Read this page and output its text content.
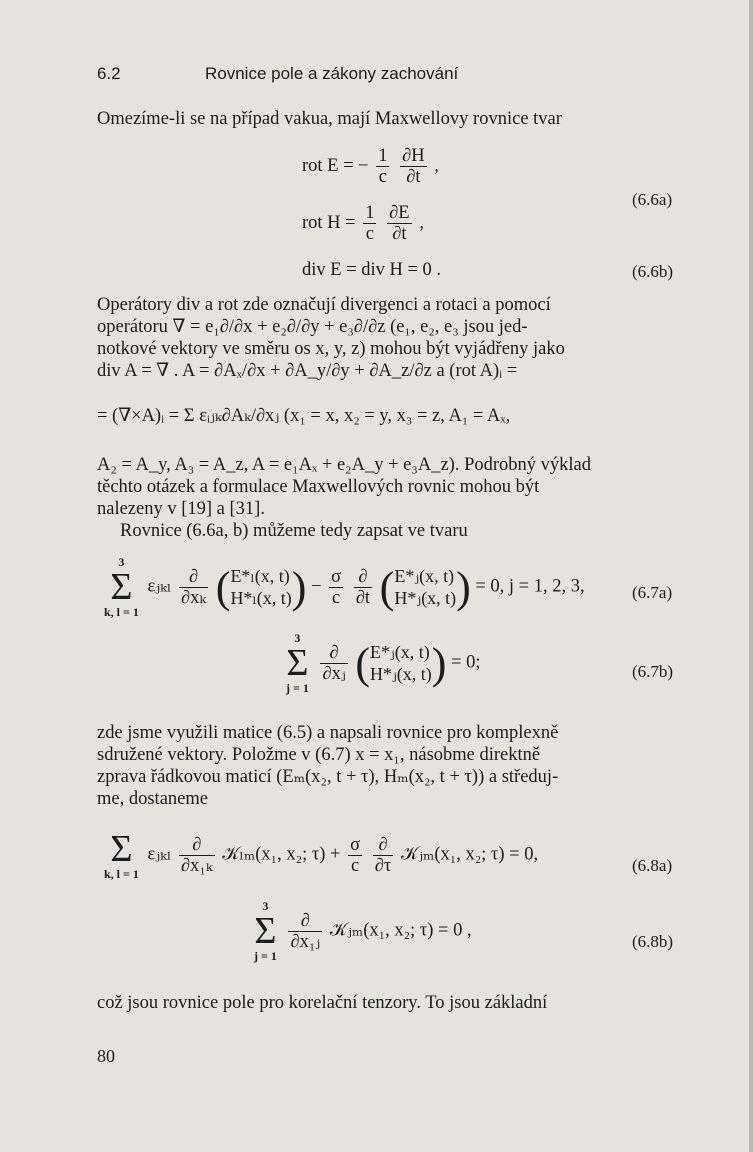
6.2	Rovnice pole a zákony zachování
Omezíme-li se na případ vakua, mají Maxwellovy rovnice tvar
rot E = − $\frac{1}{c}$
$\frac{\partial H}{\partial t}$ ,
(6.6a)
rot $H = \frac{1}{c}$
$\frac{\partial E}{\partial t}$ ,
div E = div H = 0 .	(6.6b)
Operátory div a rot zde označují divergenci a rotaci a pomocí
operátoru ∇ = e₁∂/∂x + e₂∂/∂y + e₃∂/∂z (e₁, e₂, e₃ jsou jed-
notkové vektory ve směru os x, y, z) mohou být vyjádřeny jako
div A = ∇ . A = ∂Aₓ/∂x + ∂A_y/∂y + ∂A_z/∂z a (rot A)ᵢ =
= (∇×A)ᵢ = Σ εᵢⱼₖ∂Aₖ/∂xⱼ (x₁ = x, x₂ = y, x₃ = z, A₁ = Aₓ,
A₂ = A_y, A₃ = A_z, A = e₁Aₓ + e₂A_y + e₃A_z). Podrobný výklad
těchto otázek a formulace Maxwellových rovnic mohou být
nalezeny v [19] a [31].
Rovnice (6.6a, b) můžeme tedy zapsat ve tvaru
3
Σ
k, l = 1
εⱼₖₗ $\frac{\partial}{\text{∂xₖ}}$ ( E*ₗ(x, t)
H*ₗ(x, t) ) − $\frac{\sigma}{c}$
$\frac{\partial}{\partial t}$ ( E*ⱼ(x, t)
H*ⱼ(x, t) ) = 0, j = 1, 2, 3,	(6.7a)
3
Σ
j = 1

$\frac{\partial}{\text{∂xⱼ}}$ ( E*ⱼ(x, t)
H*ⱼ(x, t) ) = 0;	(6.7b)
zde jsme využili matice (6.5) a napsali rovnice pro komplexně
sdružené vektory. Položme v (6.7) x = x₁, násobme direktně
zprava řádkovou maticí (Eₘ(x₂, t + τ), Hₘ(x₂, t + τ)) a středuj-
me, dostaneme
Σ
k, l = 1
εⱼₖₗ $\frac{\partial}{\text{∂x₁ₖ}}$ 𝒦ₗₘ(x₁, x₂; $\tau) + \frac{\sigma}{c}$
$\frac{\partial}{\partial\tau}$ 𝒦ⱼₘ(x₁, x₂; τ) = 0,
(6.8a)
3
Σ
j = 1

$\frac{\partial}{\text{∂x₁ⱼ}}$ 𝒦ⱼₘ(x₁, x₂; τ) = 0 ,
(6.8b)
což jsou rovnice pole pro korelační tenzory. To jsou základní
80
